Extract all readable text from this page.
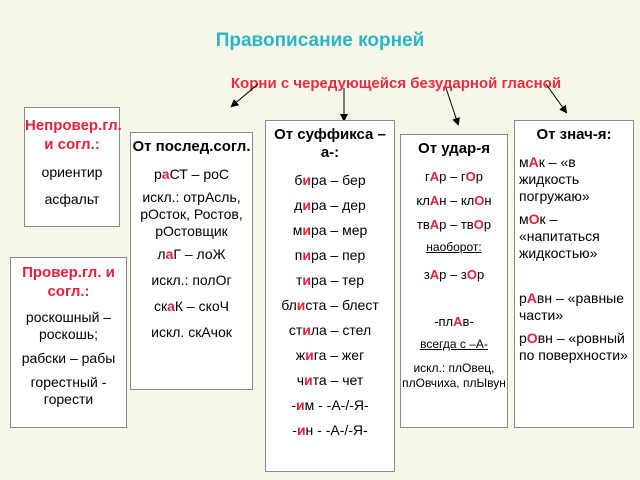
Правописание корней
Корни с чередующейся безударной гласной
Непровер.гл. и согл.:
ориентир
асфальт
Провер.гл. и согл.:
роскошный – роскошь;
рабски – рабы
горестный - горести
От послед.согл.
раСТ – роС
искл.: отрАсль, рОсток, Ростов, рОстовщик
лаГ – лоЖ
искл.: полОг
скаК – скоЧ
искл. скАчок
От суффикса – а-:
бира – бер
дира – дер
мира – мер
пира – пер
тира – тер
блиста – блест
стила – стел
жига – жег
чита – чет
-им - -А-/-Я-
-ин - -А-/-Я-
От удар-я
гАр – гОр
клАн – клОн
твАр – твОр
наоборот:
зАр – зОр
-плАв-
всегда с –А-
искл.: плОвец, плОвчиха, плЫвун
От знач-я:
мАк – «в жидкость погружаю»
мОк – «напитаться жидкостью»
рАвн – «равные части»
рОвн – «ровный по поверхности»
